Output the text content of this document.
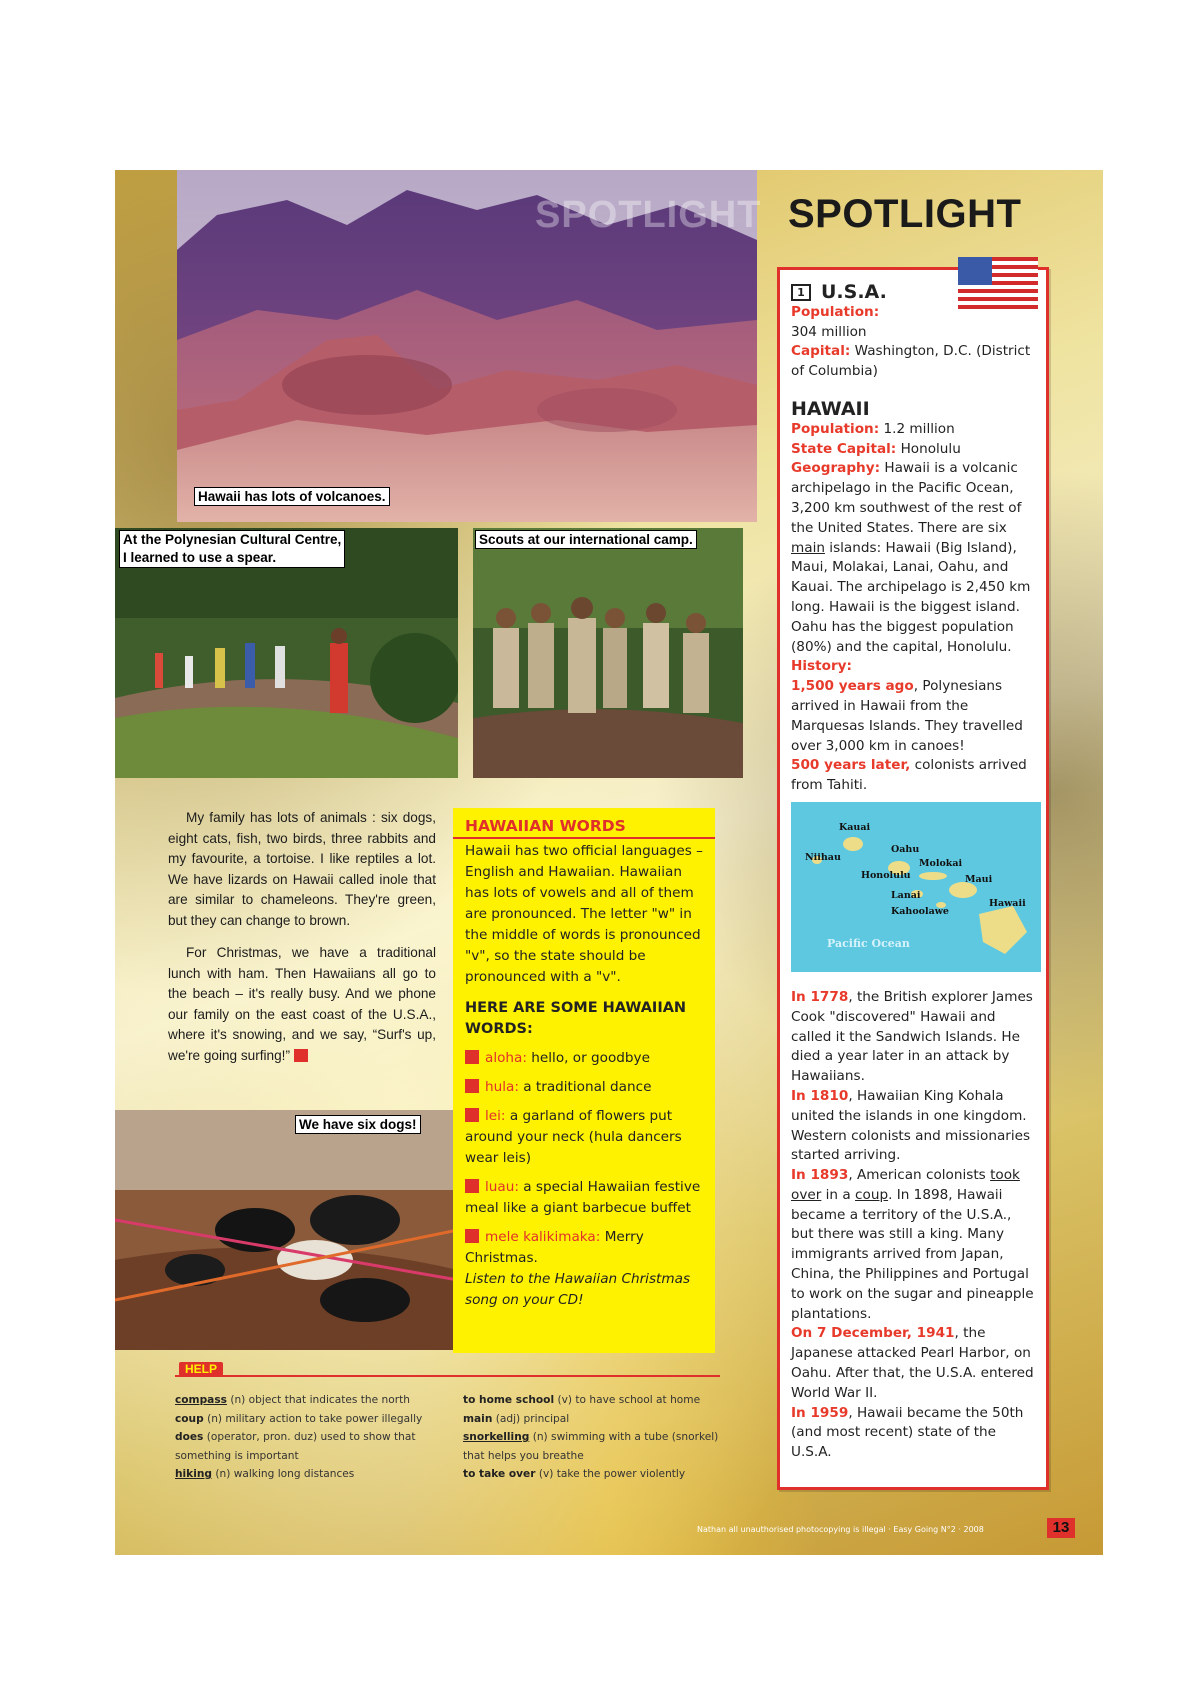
Hawaii has lots of volcanoes.
At the Polynesian Cultural Centre,
I learned to use a spear.
Scouts at our international camp.
We have six dogs!
SPOTLIGHT SPOTLIGHT
1 U.S.A.
Population:
304 million
Capital: Washington, D.C. (District of Columbia)
HAWAII
Population: 1.2 million
State Capital: Honolulu
Geography: Hawaii is a volcanic archipelago in the Pacific Ocean, 3,200 km southwest of the rest of the United States. There are six main islands: Hawaii (Big Island), Maui, Molakai, Lanai, Oahu, and Kauai. The archipelago is 2,450 km long. Hawaii is the biggest island. Oahu has the biggest population (80%) and the capital, Honolulu.
History:
1,500 years ago, Polynesians arrived in Hawaii from the Marquesas Islands. They travelled over 3,000 km in canoes!
500 years later, colonists arrived from Tahiti.
Kauai
Niihau
Oahu
Molokai
Honolulu	Maui
Lanai
Kahoolawe
Hawaii
Pacific Ocean
In 1778, the British explorer James Cook "discovered" Hawaii and called it the Sandwich Islands. He died a year later in an attack by Hawaiians.
In 1810, Hawaiian King Kohala united the islands in one kingdom. Western colonists and missionaries started arriving.
In 1893, American colonists took over in a coup. In 1898, Hawaii became a territory of the U.S.A., but there was still a king. Many immigrants arrived from Japan, China, the Philippines and Portugal to work on the sugar and pineapple plantations.
On 7 December, 1941, the Japanese attacked Pearl Harbor, on Oahu. After that, the U.S.A. entered World War II.
In 1959, Hawaii became the 50th (and most recent) state of the U.S.A.

My family has lots of animals : six dogs, eight cats, fish, two birds, three rabbits and my favourite, a tortoise. I like reptiles a lot. We have lizards on Hawaii called inole that are similar to chameleons. They're green, but they can change to brown.

For Christmas, we have a traditional lunch with ham. Then Hawaiians all go to the beach – it's really busy. And we phone our family on the east coast of the U.S.A., where it's snowing, and we say, “Surf's up, we're going surfing!”

HAWAIIAN WORDS
Hawaii has two official languages – English and Hawaiian. Hawaiian has lots of vowels and all of them are pronounced. The letter "w" in the middle of words is pronounced "v", so the state should be pronounced with a "v".
HERE ARE SOME HAWAIIAN WORDS:
aloha: hello, or goodbye
hula: a traditional dance
lei: a garland of flowers put around your neck (hula dancers wear leis)
luau: a special Hawaiian festive meal like a giant barbecue buffet
mele kalikimaka: Merry Christmas.
Listen to the Hawaiian Christmas song on your CD!
HELP
compass (n) object that indicates the north
coup (n) military action to take power illegally
does (operator, pron. duz) used to show that something is important
hiking (n) walking long distances
to home school (v) to have school at home
main (adj) principal
snorkelling (n) swimming with a tube (snorkel) that helps you breathe
to take over (v) take the power violently
Nathan all unauthorised photocopying is illegal · Easy Going N°2 · 2008	13
